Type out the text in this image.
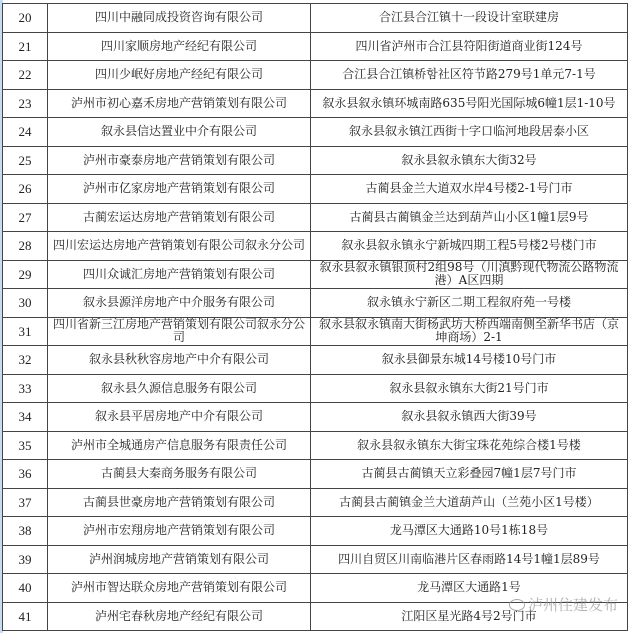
20	四川中融同成投资咨询有限公司	合江县合江镇十一段设计室联建房
21	四川家顺房地产经纪有限公司	四川省泸州市合江县符阳街道商业街124号
22	四川少岷好房地产经纪有限公司	合江县合江镇桥함社区符节路279号1单元7-1号
23	泸州市初心嘉禾房地产营销策划有限公司	叙永县叙永镇环城南路635号阳光国际城6幢1层1-10号
24	叙永县信达置业中介有限公司	叙永县叙永镇江西街十字口临河地段居泰小区
25	泸州市豪泰房地产营销策划有限公司	叙永县叙永镇东大街32号
26	泸州市亿家房地产营销策划有限公司	古蔺县金兰大道双水岸4号楼2-1号门市
27	古蔺宏运达房地产营销策划有限公司	古蔺县古蔺镇金兰达到葫芦山小区1幢1层9号
28	四川宏运达房地产营销策划有限公司叙永分公司	叙永县叙永镇永宁新城四期工程5号楼2号楼门市
29	四川众诚汇房地产营销策划有限公司	叙永县叙永镇银顶村2组98号（川滇黔现代物流公路物流港）A区四期
30	叙永县源洋房地产中介服务有限公司	叙永镇永宁新区二期工程叙府苑一号楼
31	四川省新三江房地产营销策划有限公司叙永分公司	叙永县叙永镇南大街杨武坊大桥西端南侧至新华书店（京坤商场）2-1
32	叙永县秋秋容房地产中介有限公司	叙永县御景东城14号楼10号门市
33	叙永县久源信息服务有限公司	叙永县叙永镇东大街21号门市
34	叙永县平居房地产中介有限公司	叙永县叙永镇西大街39号
35	泸州市全城通房产信息服务有限责任公司	叙永县叙永镇东大街宝珠花苑综合楼1号楼
36	古蔺县大秦商务服务有限公司	古蔺县古蔺镇天立彩叠园7幢1层7号门市
37	古蔺县世豪房地产营销策划有限公司	古蔺县古蔺镇金兰大道葫芦山（兰苑小区1号楼）
38	泸州市宏翔房地产营销策划有限公司	龙马潭区大通路10号1栋18号
39	泸州润城房地产营销策划有限公司	四川自贸区川南临港片区春雨路14号1幢1层89号
40	泸州市智达联众房地产营销策划有限公司	龙马潭区大通路1号
41	泸州宅春秋房地产经纪有限公司	江阳区星光路4号2号门市
泸州住建发布
